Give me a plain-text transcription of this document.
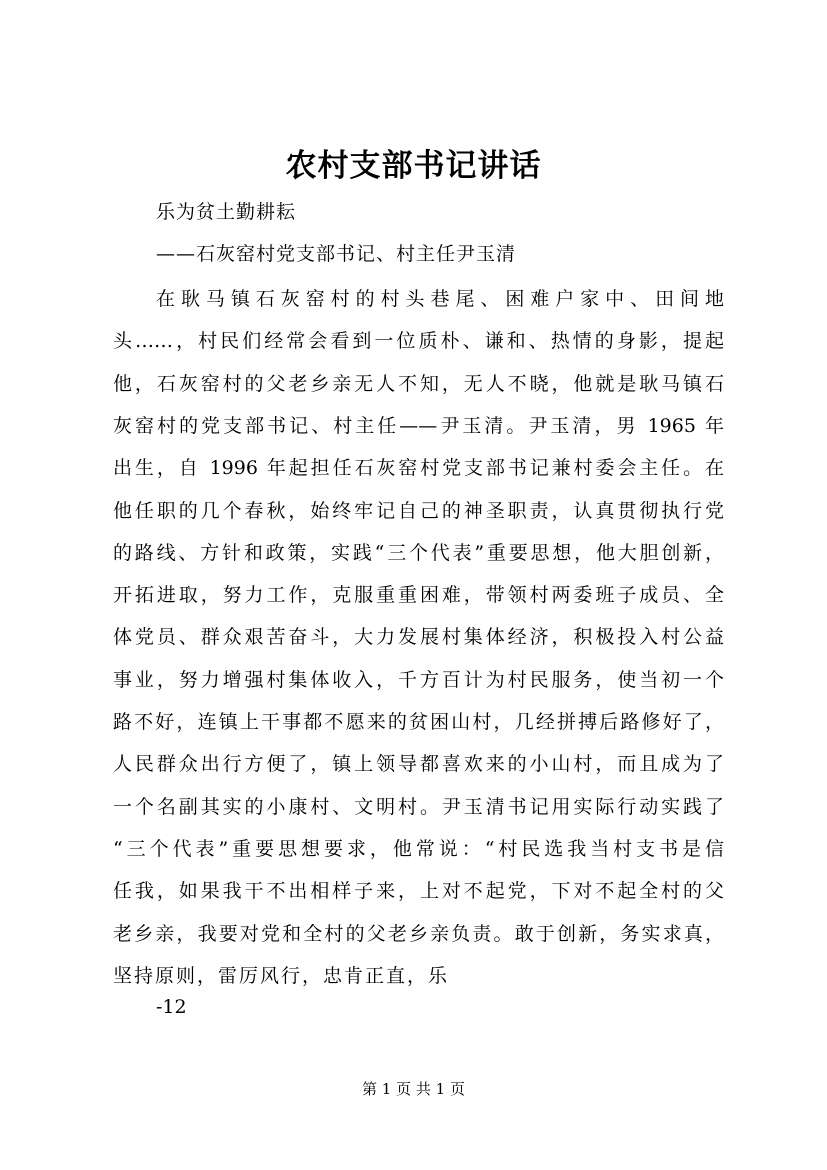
农村支部书记讲话
乐为贫土勤耕耘
——石灰窑村党支部书记、村主任尹玉清
在耿马镇石灰窑村的村头巷尾、困难户家中、田间地
头……，村民们经常会看到一位质朴、谦和、热情的身影，提起
他，石灰窑村的父老乡亲无人不知，无人不晓，他就是耿马镇石
灰窑村的党支部书记、村主任——尹玉清。尹玉清，男 1965 年
出生，自 1996 年起担任石灰窑村党支部书记兼村委会主任。在
他任职的几个春秋，始终牢记自己的神圣职责，认真贯彻执行党
的路线、方针和政策，实践“三个代表”重要思想，他大胆创新，
开拓进取，努力工作，克服重重困难，带领村两委班子成员、全
体党员、群众艰苦奋斗，大力发展村集体经济，积极投入村公益
事业，努力增强村集体收入，千方百计为村民服务，使当初一个
路不好，连镇上干事都不愿来的贫困山村，几经拼搏后路修好了，
人民群众出行方便了，镇上领导都喜欢来的小山村，而且成为了
一个名副其实的小康村、文明村。尹玉清书记用实际行动实践了
“三个代表”重要思想要求，他常说：“村民选我当村支书是信
任我，如果我干不出相样子来，上对不起党，下对不起全村的父
老乡亲，我要对党和全村的父老乡亲负责。敢于创新，务实求真，
坚持原则，雷厉风行，忠肯正直，乐
-12
第 1 页 共 1 页
